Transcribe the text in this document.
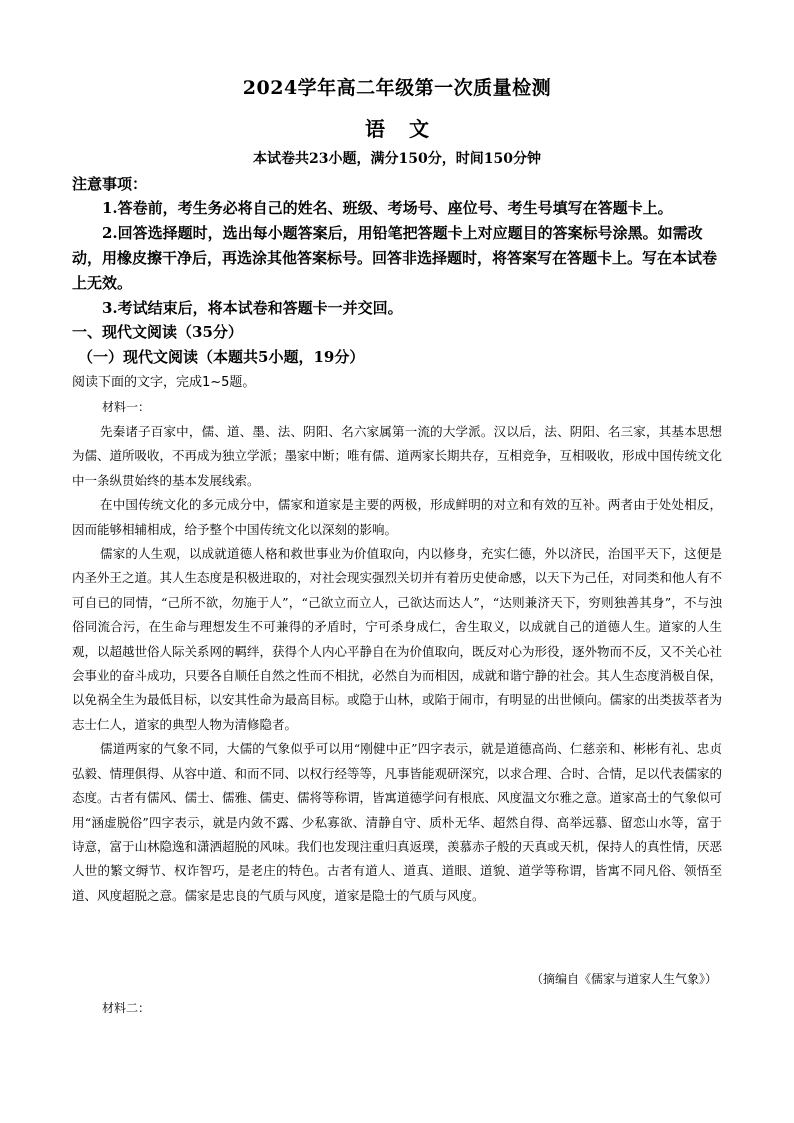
2024学年高二年级第一次质量检测
语文
本试卷共23小题，满分150分，时间150分钟
注意事项：

1.答卷前，考生务必将自己的姓名、班级、考场号、座位号、考生号填写在答题卡上。

2.回答选择题时，选出每小题答案后，用铅笔把答题卡上对应题目的答案标号涂黑。如需改动，用橡皮擦干净后，再选涂其他答案标号。回答非选择题时，将答案写在答题卡上。写在本试卷上无效。

3.考试结束后，将本试卷和答题卡一并交回。

一、现代文阅读（35分）
（一）现代文阅读（本题共5小题，19分）
阅读下面的文字，完成1~5题。
材料一：

先秦诸子百家中，儒、道、墨、法、阴阳、名六家属第一流的大学派。汉以后，法、阴阳、名三家，其基本思想为儒、道所吸收，不再成为独立学派；墨家中断；唯有儒、道两家长期共存，互相竞争，互相吸收，形成中国传统文化中一条纵贯始终的基本发展线索。

在中国传统文化的多元成分中，儒家和道家是主要的两极，形成鲜明的对立和有效的互补。两者由于处处相反，因而能够相辅相成，给予整个中国传统文化以深刻的影响。

儒家的人生观，以成就道德人格和救世事业为价值取向，内以修身，充实仁德，外以济民，治国平天下，这便是内圣外王之道。其人生态度是积极进取的，对社会现实强烈关切并有着历史使命感，以天下为己任，对同类和他人有不可自已的同情，“己所不欲，勿施于人”，“己欲立而立人，己欲达而达人”，“达则兼济天下，穷则独善其身”，不与浊俗同流合污，在生命与理想发生不可兼得的矛盾时，宁可杀身成仁，舍生取义，以成就自己的道德人生。道家的人生观，以超越世俗人际关系网的羁绊，获得个人内心平静自在为价值取向，既反对心为形役，逐外物而不反，又不关心社会事业的奋斗成功，只要各自顺任自然之性而不相扰，必然自为而相因，成就和谐宁静的社会。其人生态度消极自保，以免祸全生为最低目标，以安其性命为最高目标。或隐于山林，或陷于闹市，有明显的出世倾向。儒家的出类拔萃者为志士仁人，道家的典型人物为清修隐者。

儒道两家的气象不同，大儒的气象似乎可以用“刚健中正”四字表示，就是道德高尚、仁慈亲和、彬彬有礼、忠贞弘毅、情理俱得、从容中道、和而不同、以权行经等等，凡事皆能观研深究，以求合理、合时、合情，足以代表儒家的态度。古者有儒风、儒士、儒雅、儒吏、儒将等称谓，皆寓道德学问有根底、风度温文尔雅之意。道家高士的气象似可用“涵虚脱俗”四字表示，就是内敛不露、少私寡欲、清静自守、质朴无华、超然自得、高举远慕、留恋山水等，富于诗意，富于山林隐逸和潇洒超脱的风味。我们也发现注重归真返璞，羡慕赤子般的天真或天机，保持人的真性情，厌恶人世的繁文缛节、权诈智巧，是老庄的特色。古者有道人、道真、道眼、道貌、道学等称谓，皆寓不同凡俗、领悟至道、风度超脱之意。儒家是忠良的气质与风度，道家是隐士的气质与风度。

（摘编自《儒家与道家人生气象》）
材料二：
